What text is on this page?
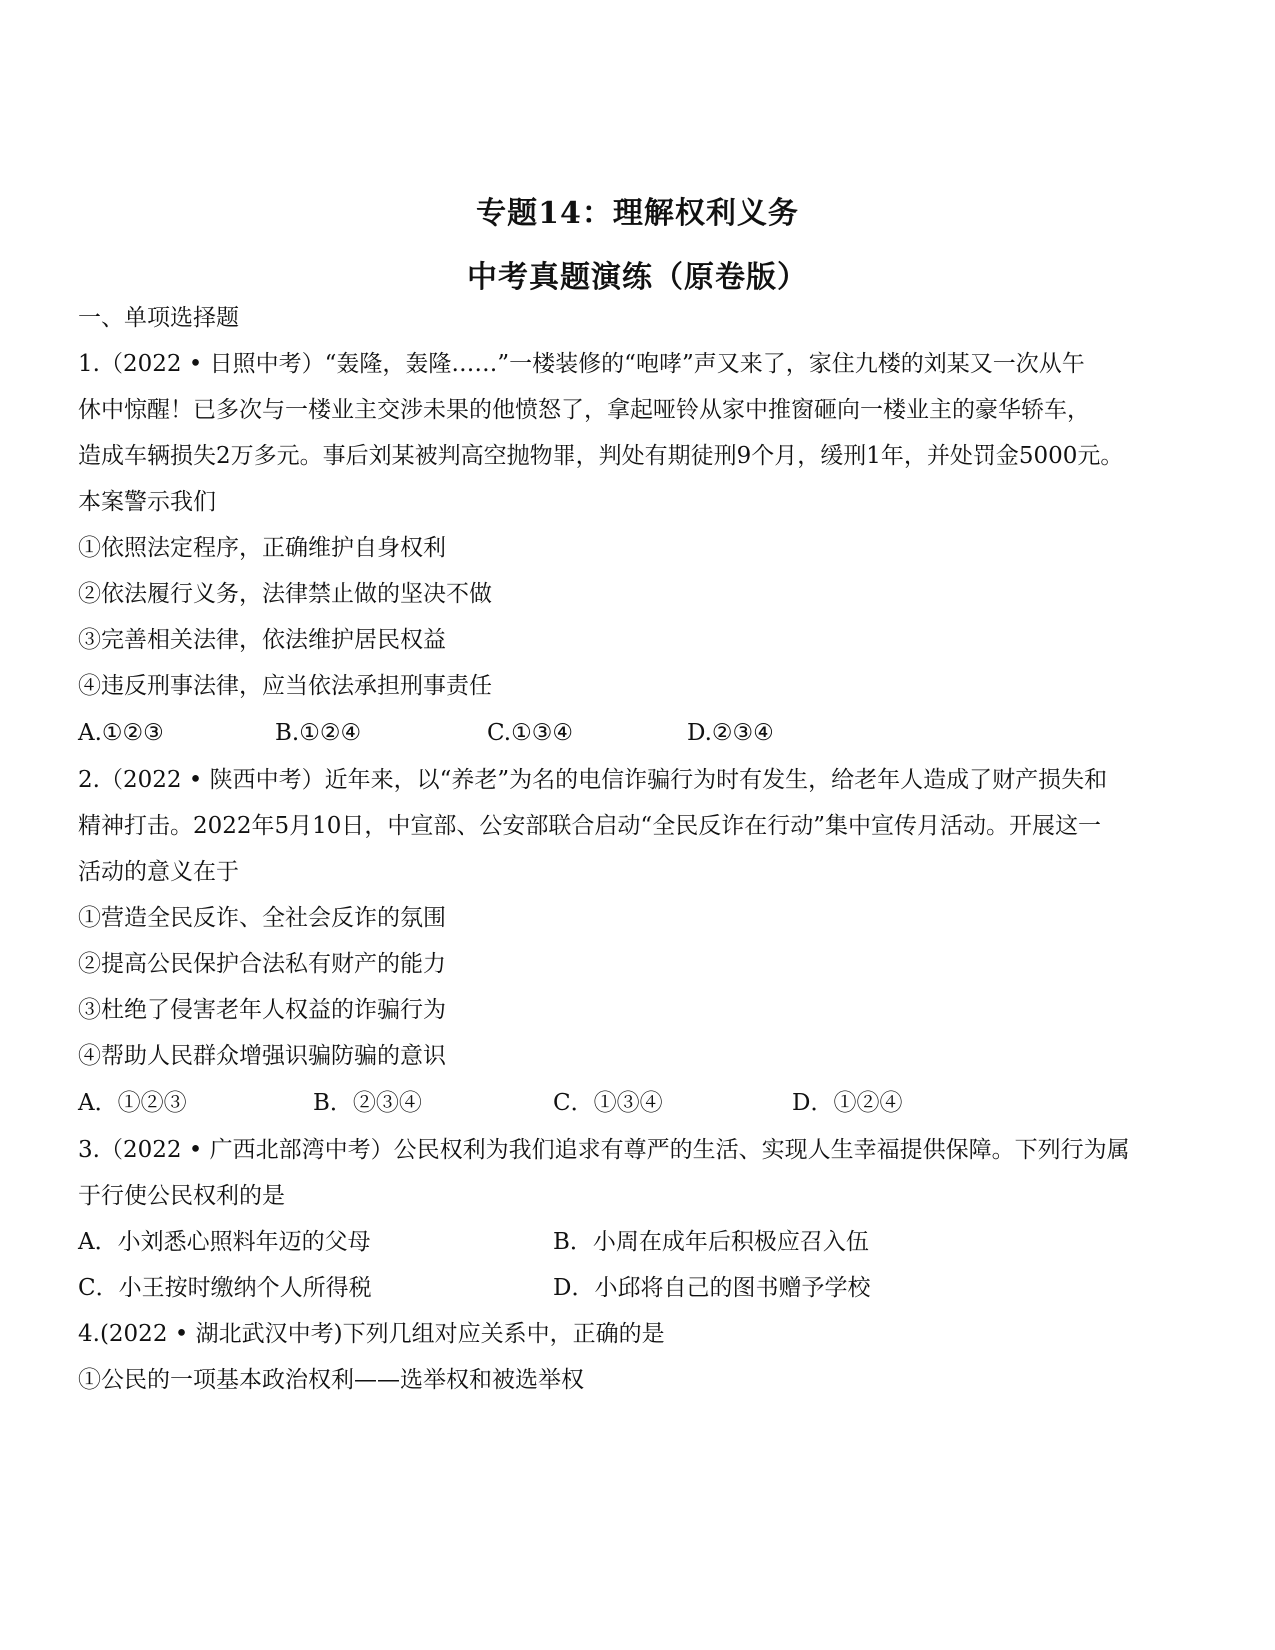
专题14：理解权利义务
中考真题演练（原卷版）
一、单项选择题
1.（2022 • 日照中考）“轰隆，轰隆……”一楼装修的“咆哮”声又来了，家住九楼的刘某又一次从午
休中惊醒！已多次与一楼业主交涉未果的他愤怒了，拿起哑铃从家中推窗砸向一楼业主的豪华轿车，
造成车辆损失2万多元。事后刘某被判高空抛物罪，判处有期徒刑9个月，缓刑1年，并处罚金5000元。
本案警示我们
①依照法定程序，正确维护自身权利
②依法履行义务，法律禁止做的坚决不做
③完善相关法律，依法维护居民权益
④违反刑事法律，应当依法承担刑事责任
A.①②③	B.①②④	C.①③④	D.②③④
2.（2022 • 陕西中考）近年来，以“养老”为名的电信诈骗行为时有发生，给老年人造成了财产损失和
精神打击。2022年5月10日，中宣部、公安部联合启动“全民反诈在行动”集中宣传月活动。开展这一
活动的意义在于
①营造全民反诈、全社会反诈的氛围
②提高公民保护合法私有财产的能力
③杜绝了侵害老年人权益的诈骗行为
④帮助人民群众增强识骗防骗的意识
A．①②③	B．②③④	C．①③④	D．①②④
3.（2022 • 广西北部湾中考）公民权利为我们追求有尊严的生活、实现人生幸福提供保障。下列行为属
于行使公民权利的是
A．小刘悉心照料年迈的父母	B．小周在成年后积极应召入伍
C．小王按时缴纳个人所得税	D．小邱将自己的图书赠予学校
4.(2022 • 湖北武汉中考)下列几组对应关系中，正确的是
①公民的一项基本政治权利——选举权和被选举权
